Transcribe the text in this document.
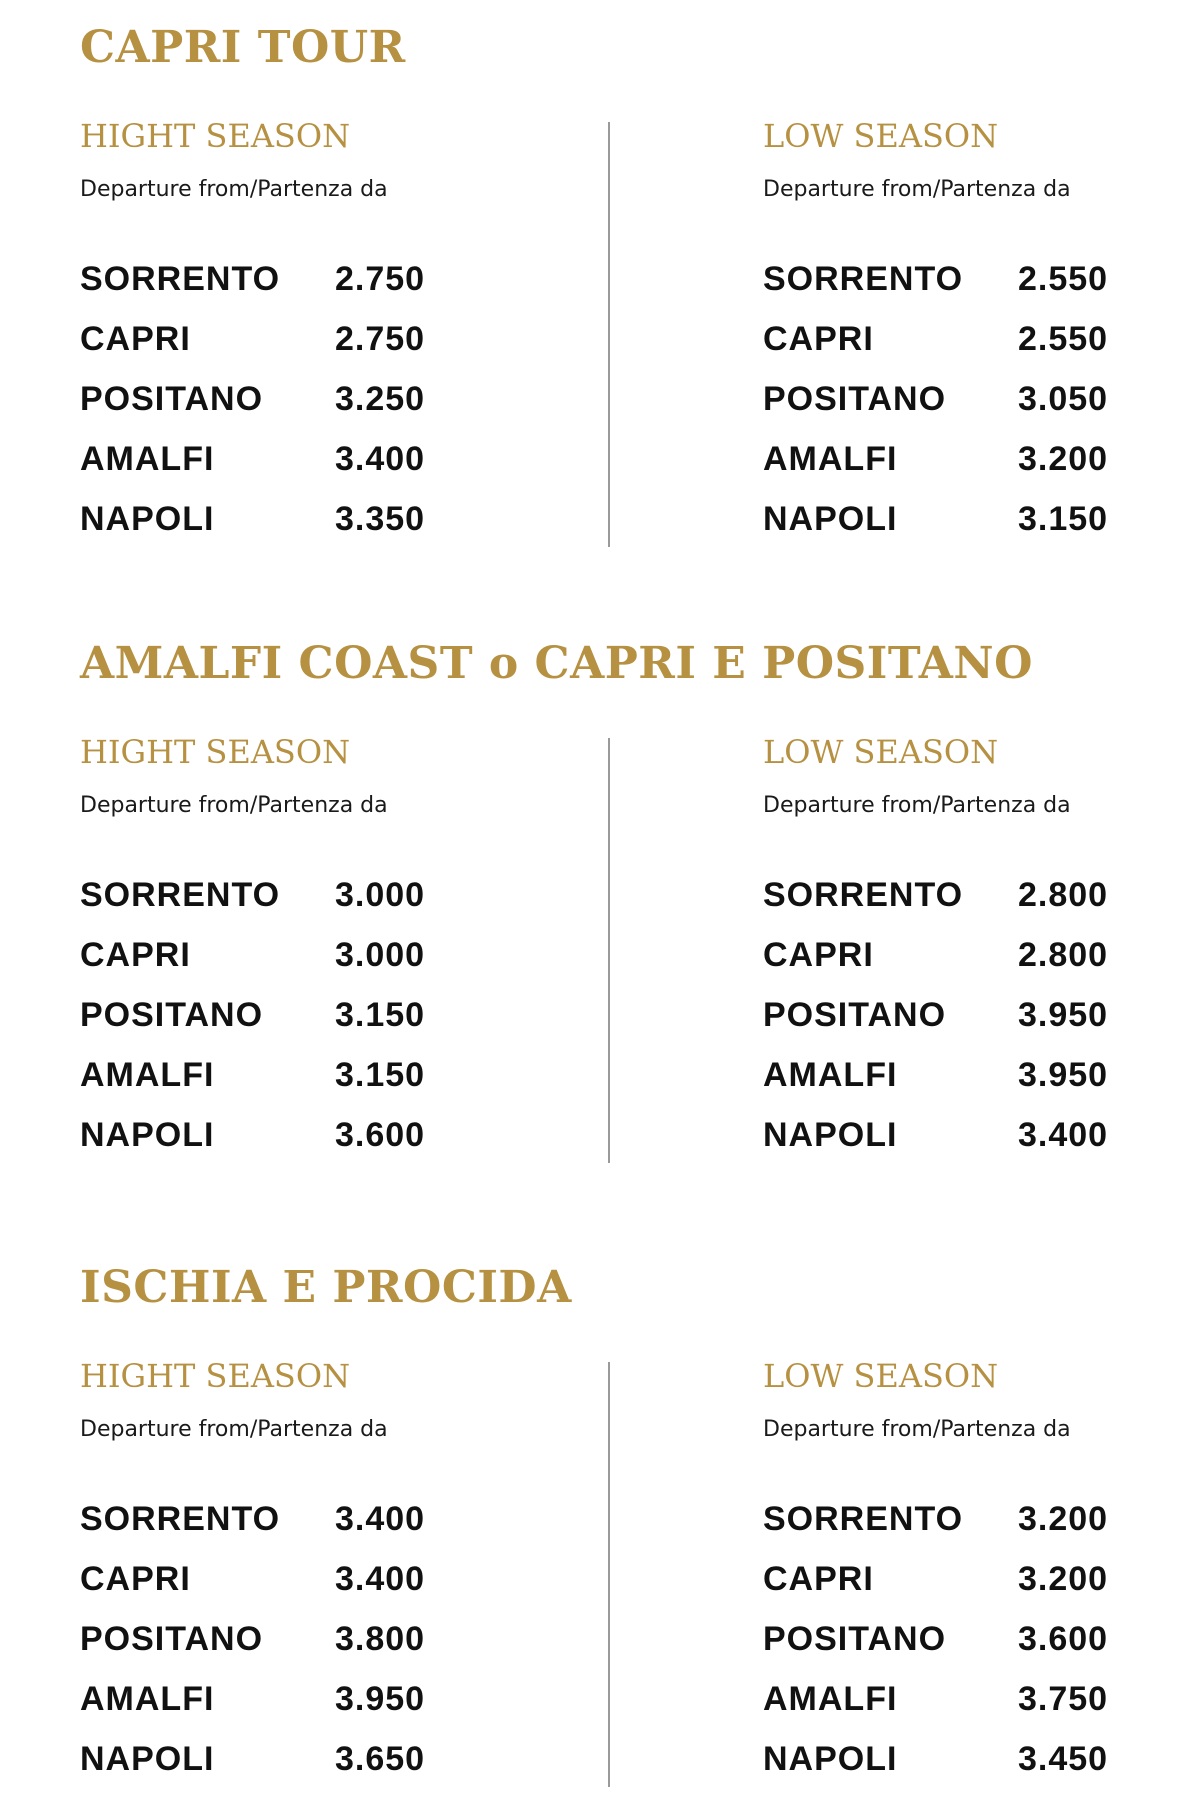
CAPRI TOUR
HIGHT SEASON
Departure from/Partenza da
SORRENTO 2.750
CAPRI	2.750
POSITANO 3.250
AMALFI	3.400
NAPOLI	3.350
LOW SEASON
Departure from/Partenza da
SORRENTO 2.550
CAPRI	2.550
POSITANO 3.050
AMALFI	3.200
NAPOLI	3.150
AMALFI COAST o CAPRI E POSITANO
HIGHT SEASON
Departure from/Partenza da
SORRENTO 3.000
CAPRI	3.000
POSITANO 3.150
AMALFI	3.150
NAPOLI	3.600
LOW SEASON
Departure from/Partenza da
SORRENTO 2.800
CAPRI	2.800
POSITANO 3.950
AMALFI	3.950
NAPOLI	3.400
ISCHIA E PROCIDA
HIGHT SEASON
Departure from/Partenza da
SORRENTO 3.400
CAPRI	3.400
POSITANO 3.800
AMALFI	3.950
NAPOLI	3.650
LOW SEASON
Departure from/Partenza da
SORRENTO 3.200
CAPRI	3.200
POSITANO 3.600
AMALFI	3.750
NAPOLI	3.450
